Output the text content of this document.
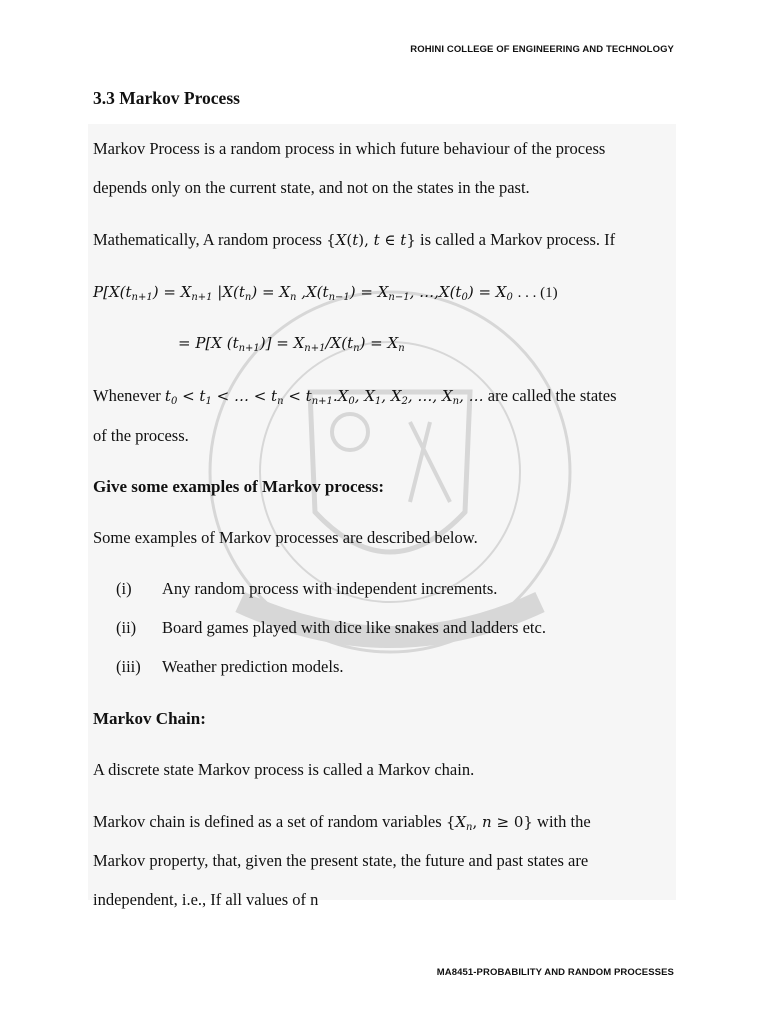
ROHINI COLLEGE OF ENGINEERING AND TECHNOLOGY
3.3 Markov Process
Markov Process is a random process in which future behaviour of the process
depends only on the current state, and not on the states in the past.
Mathematically, A random process {X(t), t ∈ t} is called a Markov process. If
$P[X(t_{n+1}) = X_{n+1}$ $|X(t_n) = X_n$ $,X(t_{n-1}) = X_{n-1}$, $\dots,X(t_0) = X_0$ . . . (1)
= P[X $(t_{n+1})] = X_{n+1}/X(t_n) = X_n$
Whenever $t_0 < t_1$ < … < $t_n < t_{n+1}.X_0$, $X_1$, $X_2$, …, $X_n$, … are called the states
of the process.
Give some examples of Markov process:
Some examples of Markov processes are described below.
(i) Any random process with independent increments.
(ii) Board games played with dice like snakes and ladders etc.
(iii) Weather prediction models.
Markov Chain:
A discrete state Markov process is called a Markov chain.
Markov chain is defined as a set of random variables {$X_n$, n ≥ 0} with the
Markov property, that, given the present state, the future and past states are
independent, i.e., If all values of n
MA8451-PROBABILITY AND RANDOM PROCESSES
